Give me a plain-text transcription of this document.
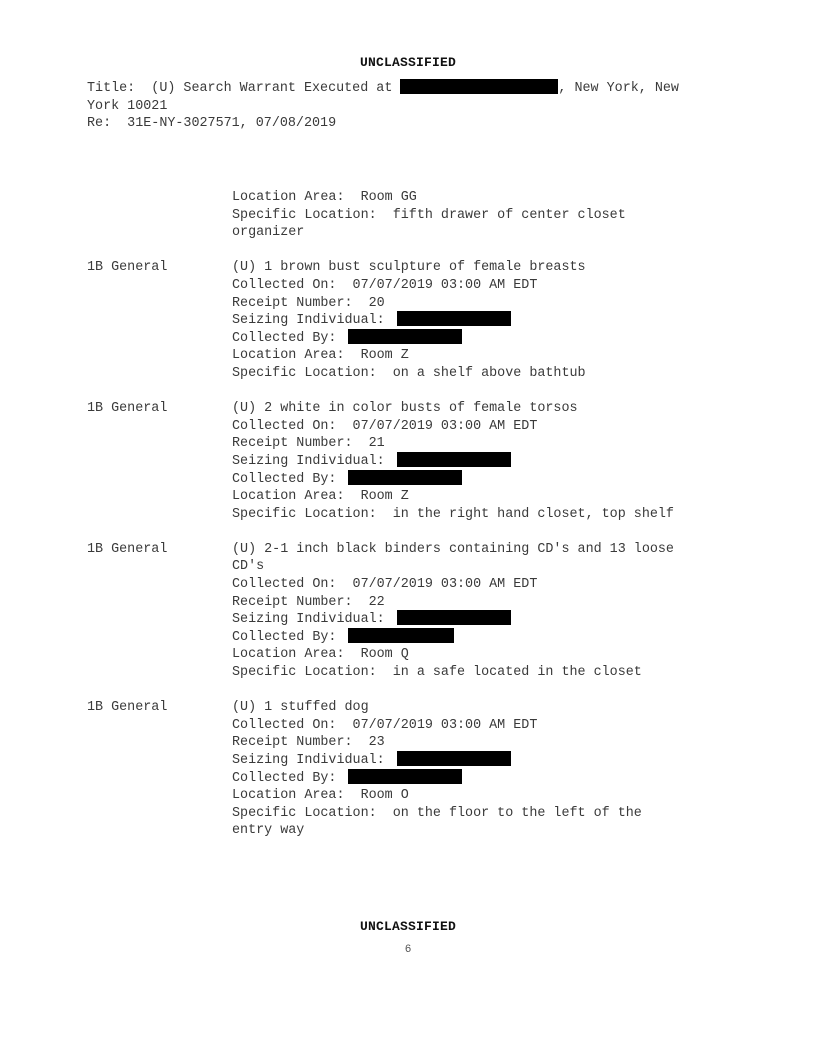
UNCLASSIFIED
Title:  (U) Search Warrant Executed at	, New York, New
York 10021
Re:  31E-NY-3027571, 07/08/2019
Location Area:  Room GG
Specific Location:  fifth drawer of center closet
organizer
1B General	(U) 1 brown bust sculpture of female breasts
Collected On:  07/07/2019 03:00 AM EDT
Receipt Number:  20
Seizing Individual:
Collected By:
Location Area:  Room Z
Specific Location:  on a shelf above bathtub
1B General	(U) 2 white in color busts of female torsos
Collected On:  07/07/2019 03:00 AM EDT
Receipt Number:  21
Seizing Individual:
Collected By:
Location Area:  Room Z
Specific Location:  in the right hand closet, top shelf
1B General	(U) 2-1 inch black binders containing CD's and 13 loose
CD's
Collected On:  07/07/2019 03:00 AM EDT
Receipt Number:  22
Seizing Individual:
Collected By:
Location Area:  Room Q
Specific Location:  in a safe located in the closet
1B General	(U) 1 stuffed dog
Collected On:  07/07/2019 03:00 AM EDT
Receipt Number:  23
Seizing Individual:
Collected By:
Location Area:  Room O
Specific Location:  on the floor to the left of the
entry way
UNCLASSIFIED
6
